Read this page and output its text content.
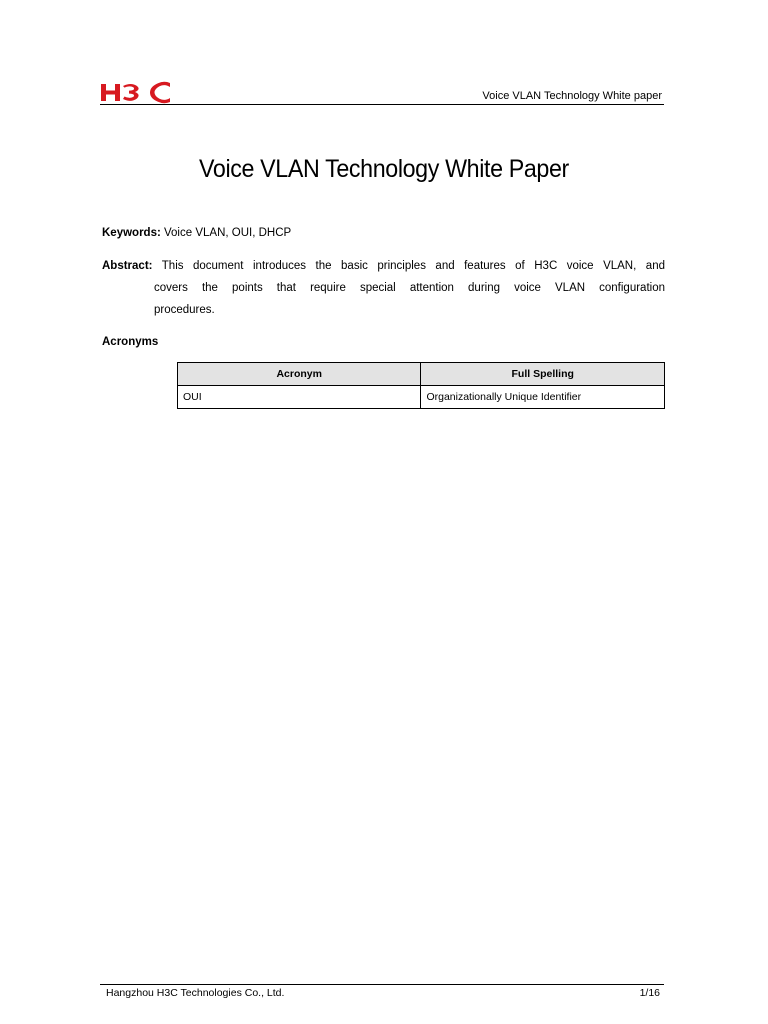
Voice VLAN Technology White paper
Voice VLAN Technology White Paper
Keywords: Voice VLAN, OUI, DHCP
Abstract: This document introduces the basic principles and features of H3C voice VLAN, and
covers the points that require special attention during voice VLAN configuration
procedures.
Acronyms
Acronym	Full Spelling
OUI	Organizationally Unique Identifier
Hangzhou H3C Technologies Co., Ltd.	1/16
